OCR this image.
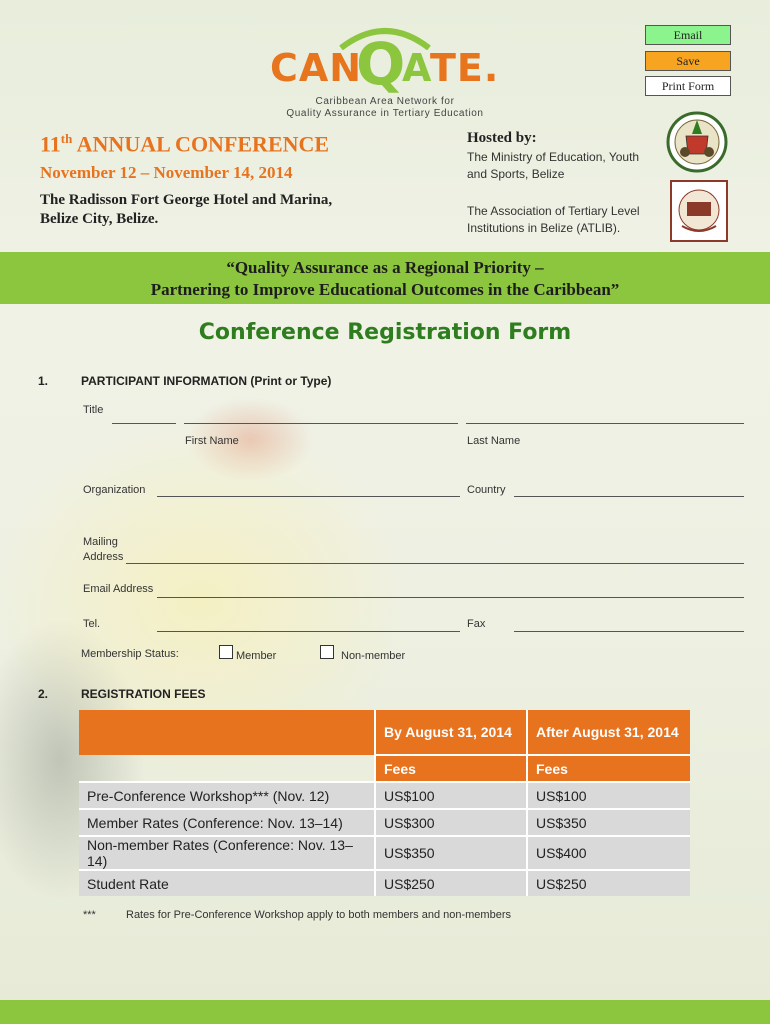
Email
Save
Print Form
CAN
Q
A
TE.
Caribbean Area Network for
Quality Assurance in Tertiary Education
11th ANNUAL CONFERENCE
November 12 – November 14, 2014
The Radisson Fort George Hotel and Marina,
Belize City, Belize.
Hosted by:
The Ministry of Education, Youth
and Sports, Belize
The Association of Tertiary Level
Institutions in Belize (ATLIB).
“Quality Assurance as a Regional Priority –
Partnering to Improve Educational Outcomes in the Caribbean”
Conference Registration Form
1.	PARTICIPANT INFORMATION (Print or Type)
Title
First Name	Last Name
Organization	Country
Mailing
Address
Email Address
Tel.	Fax
Membership Status:	Member	Non-member
2.	REGISTRATION FEES
	By August 31, 2014	After August 31, 2014
	Fees	Fees
Pre-Conference Workshop*** (Nov. 12)	US$100	US$100
Member Rates (Conference: Nov. 13–14)	US$300	US$350
Non-member Rates (Conference: Nov. 13–14)	US$350	US$400
Student Rate	US$250	US$250
***	Rates for Pre-Conference Workshop apply to both members and non-members
